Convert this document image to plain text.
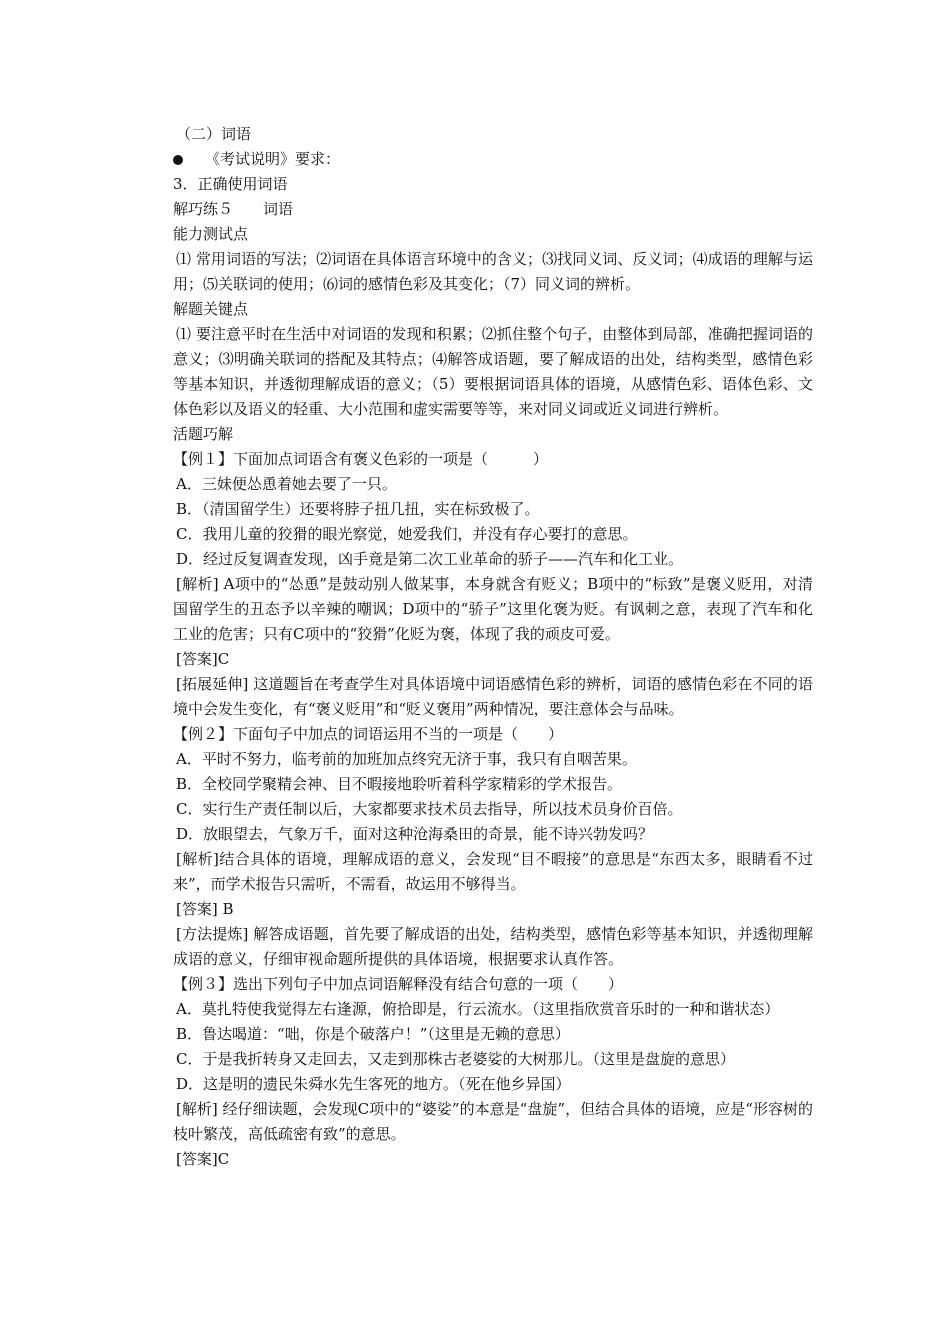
（二）词语
《考试说明》要求：
3．正确使用词语
解巧练５ 词语
能力测试点
⑴ 常用词语的写法；⑵词语在具体语言环境中的含义；⑶找同义词、反义词；⑷成语的理解与运用；⑸关联词的使用；⑹词的感情色彩及其变化；（7）同义词的辨析。
解题关键点
⑴ 要注意平时在生活中对词语的发现和积累；⑵抓住整个句子，由整体到局部，准确把握词语的意义；⑶明确关联词的搭配及其特点；⑷解答成语题，要了解成语的出处，结构类型，感情色彩等基本知识，并透彻理解成语的意义；（5）要根据词语具体的语境，从感情色彩、语体色彩、文体色彩以及语义的轻重、大小范围和虚实需要等等，来对同义词或近义词进行辨析。
活题巧解
【例１】下面加点词语含有褒义色彩的一项是（　　　）
A．三妹便怂恿着她去要了一只。
B．（清国留学生）还要将脖子扭几扭，实在标致极了。
C．我用儿童的狡猾的眼光察觉，她爱我们，并没有存心要打的意思。
D．经过反复调查发现，凶手竟是第二次工业革命的骄子——汽车和化工业。
[解析] A项中的“怂恿”是鼓动别人做某事，本身就含有贬义；B项中的“标致”是褒义贬用，对清国留学生的丑态予以辛辣的嘲讽；D项中的“骄子”这里化褒为贬。有讽刺之意，表现了汽车和化工业的危害；只有C项中的“狡猾”化贬为褒，体现了我的顽皮可爱。
[答案]C
[拓展延伸] 这道题旨在考查学生对具体语境中词语感情色彩的辨析，词语的感情色彩在不同的语境中会发生变化，有“褒义贬用”和“贬义褒用”两种情况，要注意体会与品味。
【例２】下面句子中加点的词语运用不当的一项是（　　）
A．平时不努力，临考前的加班加点终究无济于事，我只有自咽苦果。
B．全校同学聚精会神、目不暇接地聆听着科学家精彩的学术报告。
C．实行生产责任制以后，大家都要求技术员去指导，所以技术员身价百倍。
D．放眼望去，气象万千，面对这种沧海桑田的奇景，能不诗兴勃发吗？
[解析]结合具体的语境，理解成语的意义，会发现“目不暇接”的意思是“东西太多，眼睛看不过来”，而学术报告只需听，不需看，故运用不够得当。
[答案] B
[方法提炼] 解答成语题，首先要了解成语的出处，结构类型，感情色彩等基本知识，并透彻理解成语的意义，仔细审视命题所提供的具体语境，根据要求认真作答。
【例３】选出下列句子中加点词语解释没有结合句意的一项（　　）
A．莫扎特使我觉得左右逢源，俯拾即是，行云流水。（这里指欣赏音乐时的一种和谐状态）
B．鲁达喝道：“咄，你是个破落户！”（这里是无赖的意思）
C．于是我折转身又走回去，又走到那株古老婆娑的大树那儿。（这里是盘旋的意思）
D．这是明的遗民朱舜水先生客死的地方。（死在他乡异国）
[解析] 经仔细读题，会发现C项中的“婆娑”的本意是“盘旋”，但结合具体的语境，应是“形容树的枝叶繁茂，高低疏密有致”的意思。
[答案]C
